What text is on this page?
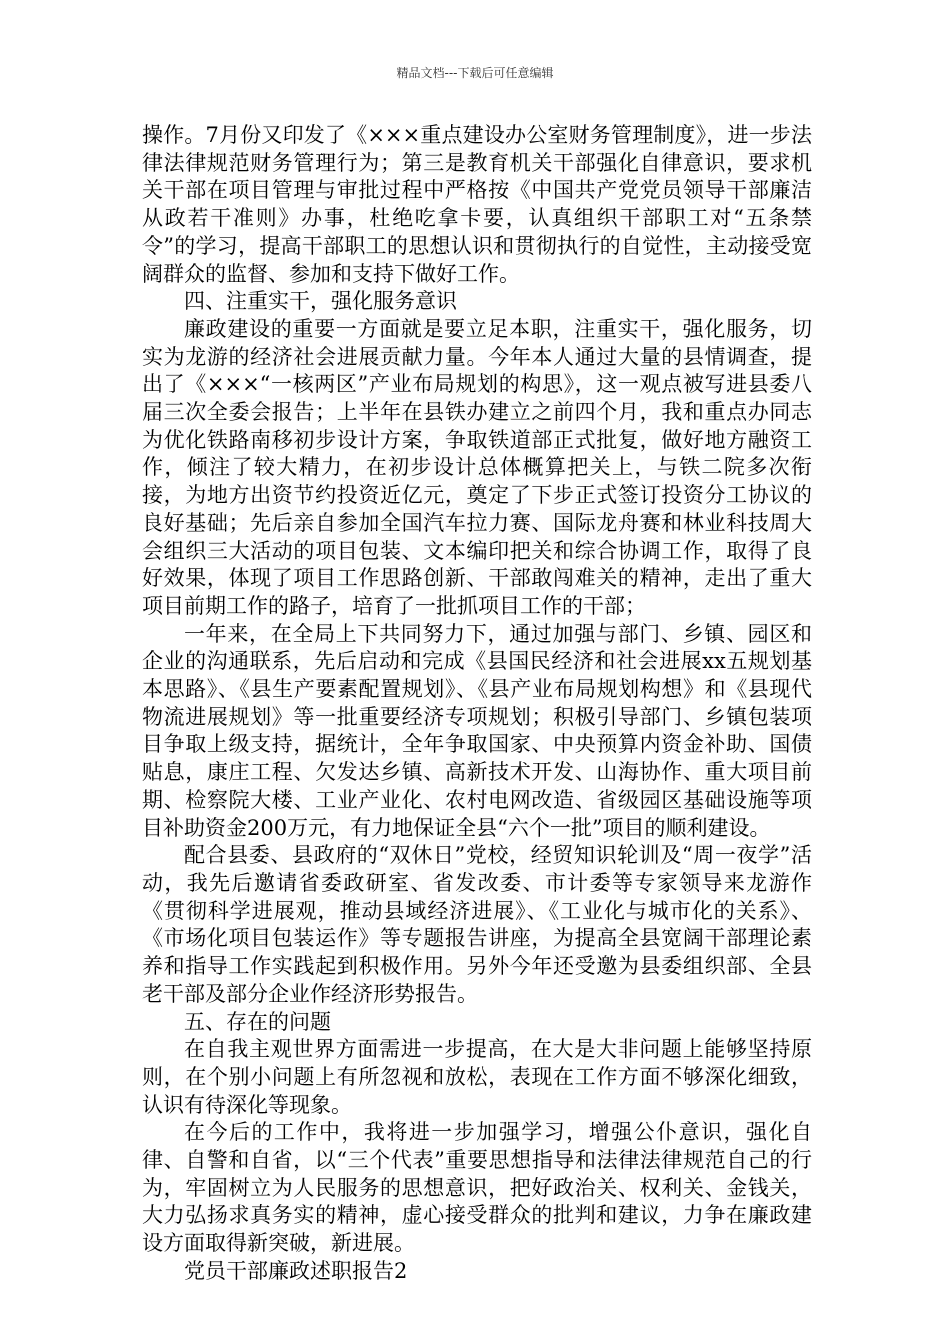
精品文档---下载后可任意编辑

操作。7月份又印发了《×××重点建设办公室财务管理制度》，进一步法律法律规范财务管理行为；第三是教育机关干部强化自律意识，要求机关干部在项目管理与审批过程中严格按《中国共产党党员领导干部廉洁从政若干准则》办事，杜绝吃拿卡要，认真组织干部职工对“五条禁令”的学习，提高干部职工的思想认识和贯彻执行的自觉性，主动接受宽阔群众的监督、参加和支持下做好工作。

四、注重实干，强化服务意识

廉政建设的重要一方面就是要立足本职，注重实干，强化服务，切实为龙游的经济社会进展贡献力量。今年本人通过大量的县情调查，提出了《×××“一核两区”产业布局规划的构思》，这一观点被写进县委八届三次全委会报告；上半年在县铁办建立之前四个月，我和重点办同志为优化铁路南移初步设计方案，争取铁道部正式批复，做好地方融资工作，倾注了较大精力，在初步设计总体概算把关上，与铁二院多次衔接，为地方出资节约投资近亿元，奠定了下步正式签订投资分工协议的良好基础；先后亲自参加全国汽车拉力赛、国际龙舟赛和林业科技周大会组织三大活动的项目包装、文本编印把关和综合协调工作，取得了良好效果，体现了项目工作思路创新、干部敢闯难关的精神，走出了重大项目前期工作的路子，培育了一批抓项目工作的干部；

一年来，在全局上下共同努力下，通过加强与部门、乡镇、园区和企业的沟通联系，先后启动和完成《县国民经济和社会进展xx五规划基本思路》、《县生产要素配置规划》、《县产业布局规划构想》和《县现代物流进展规划》等一批重要经济专项规划；积极引导部门、乡镇包装项目争取上级支持，据统计，全年争取国家、中央预算内资金补助、国债贴息，康庄工程、欠发达乡镇、高新技术开发、山海协作、重大项目前期、检察院大楼、工业产业化、农村电网改造、省级园区基础设施等项目补助资金200万元，有力地保证全县“六个一批”项目的顺利建设。

配合县委、县政府的“双休日”党校，经贸知识轮训及“周一夜学”活动，我先后邀请省委政研室、省发改委、市计委等专家领导来龙游作《贯彻科学进展观，推动县域经济进展》、《工业化与城市化的关系》、《市场化项目包装运作》等专题报告讲座，为提高全县宽阔干部理论素养和指导工作实践起到积极作用。另外今年还受邀为县委组织部、全县老干部及部分企业作经济形势报告。

五、存在的问题

在自我主观世界方面需进一步提高，在大是大非问题上能够坚持原则，在个别小问题上有所忽视和放松，表现在工作方面不够深化细致，认识有待深化等现象。

在今后的工作中，我将进一步加强学习，增强公仆意识，强化自律、自警和自省，以“三个代表”重要思想指导和法律法律规范自己的行为，牢固树立为人民服务的思想意识，把好政治关、权利关、金钱关，大力弘扬求真务实的精神，虚心接受群众的批判和建议，力争在廉政建设方面取得新突破，新进展。

党员干部廉政述职报告2
